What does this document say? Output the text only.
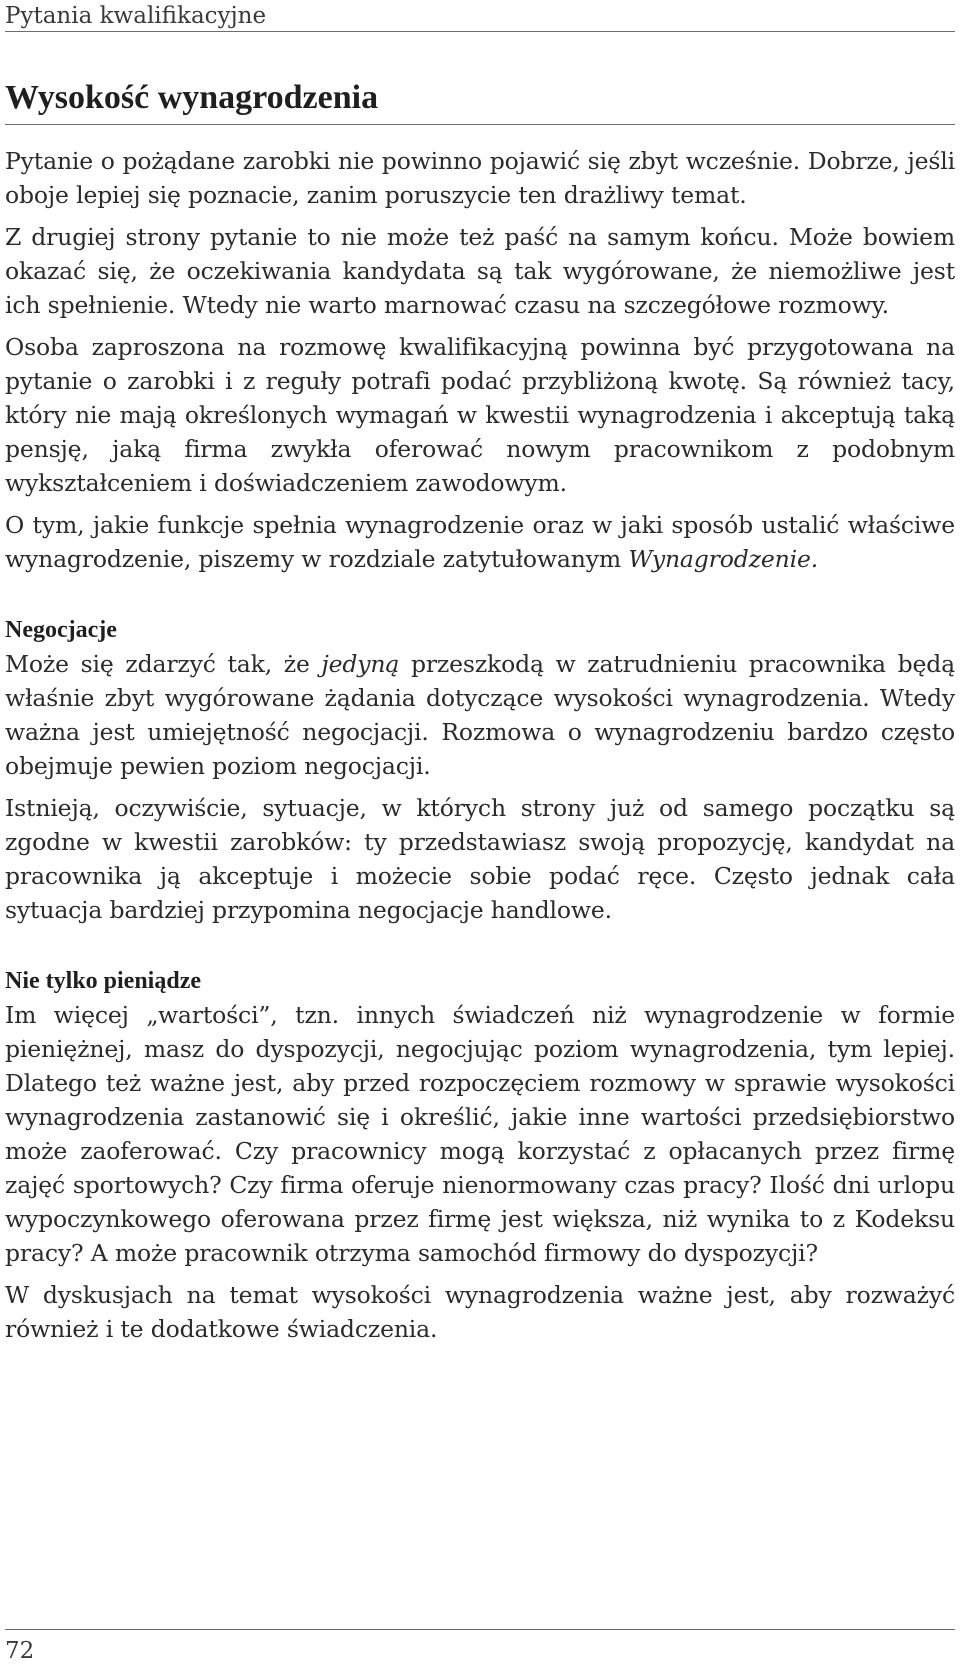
Pytania kwalifikacyjne
Wysokość wynagrodzenia

Pytanie o pożądane zarobki nie powinno pojawić się zbyt wcześnie. Dobrze, jeśli oboje lepiej się poznacie, zanim poruszycie ten drażliwy temat.

Z drugiej strony pytanie to nie może też paść na samym końcu. Może bowiem okazać się, że oczekiwania kandydata są tak wygórowane, że niemożliwe jest ich spełnienie. Wtedy nie warto marnować czasu na szczegółowe rozmowy.

Osoba zaproszona na rozmowę kwalifikacyjną powinna być przygotowana na pytanie o zarobki i z reguły potrafi podać przybliżoną kwotę. Są również tacy, który nie mają określonych wymagań w kwestii wynagrodzenia i akceptują taką pensję, jaką firma zwykła oferować nowym pracownikom z podobnym wykształceniem i doświadczeniem zawodowym.

O tym, jakie funkcje spełnia wynagrodzenie oraz w jaki sposób ustalić właściwe wynagrodzenie, piszemy w rozdziale zatytułowanym Wynagrodzenie.

Negocjacje

Może się zdarzyć tak, że jedyną przeszkodą w zatrudnieniu pracownika będą właśnie zbyt wygórowane żądania dotyczące wysokości wynagrodzenia. Wtedy ważna jest umiejętność negocjacji. Rozmowa o wynagrodzeniu bardzo często obejmuje pewien poziom negocjacji.

Istnieją, oczywiście, sytuacje, w których strony już od samego początku są zgodne w kwestii zarobków: ty przedstawiasz swoją propozycję, kandydat na pracownika ją akceptuje i możecie sobie podać ręce. Często jednak cała sytuacja bardziej przypomina negocjacje handlowe.

Nie tylko pieniądze

Im więcej „wartości”, tzn. innych świadczeń niż wynagrodzenie w formie pieniężnej, masz do dyspozycji, negocjując poziom wynagrodzenia, tym lepiej. Dlatego też ważne jest, aby przed rozpoczęciem rozmowy w sprawie wysokości wynagrodzenia zastanowić się i określić, jakie inne wartości przedsiębiorstwo może zaoferować. Czy pracownicy mogą korzystać z opłacanych przez firmę zajęć sportowych? Czy firma oferuje nienormowany czas pracy? Ilość dni urlopu wypoczynkowego oferowana przez firmę jest większa, niż wynika to z Kodeksu pracy? A może pracownik otrzyma samochód firmowy do dyspozycji?

W dyskusjach na temat wysokości wynagrodzenia ważne jest, aby rozważyć również i te dodatkowe świadczenia.

72
